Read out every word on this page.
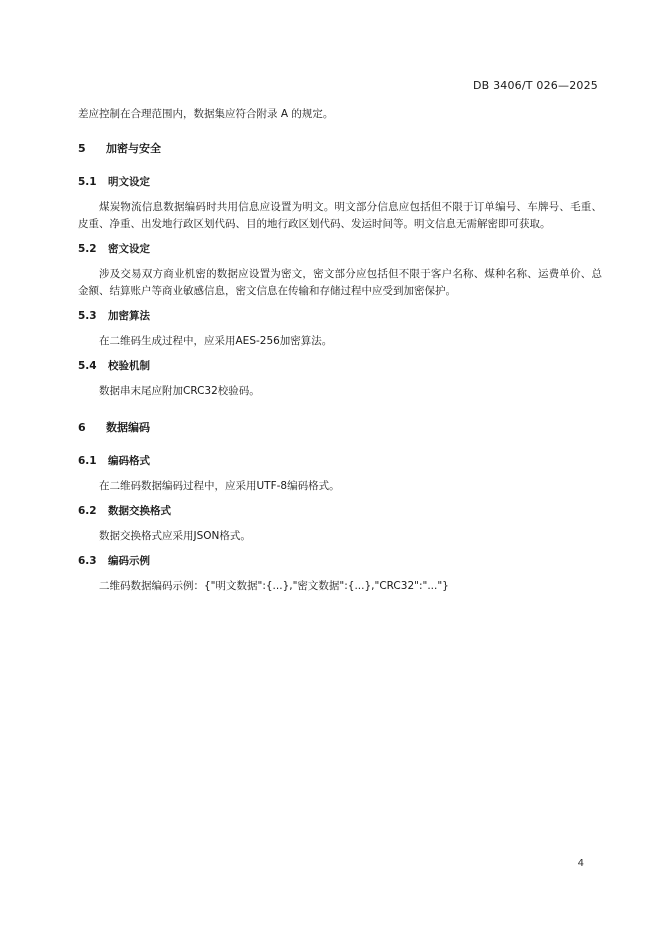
DB 3406/T 026—2025

差应控制在合理范围内，数据集应符合附录 A 的规定。

5 加密与安全
5.1 明文设定

煤炭物流信息数据编码时共用信息应设置为明文。明文部分信息应包括但不限于订单编号、车牌号、毛重、皮重、净重、出发地行政区划代码、目的地行政区划代码、发运时间等。明文信息无需解密即可获取。

5.2 密文设定

涉及交易双方商业机密的数据应设置为密文，密文部分应包括但不限于客户名称、煤种名称、运费单价、总金额、结算账户等商业敏感信息，密文信息在传输和存储过程中应受到加密保护。

5.3 加密算法

在二维码生成过程中，应采用AES-256加密算法。

5.4 校验机制

数据串末尾应附加CRC32校验码。

6 数据编码
6.1 编码格式

在二维码数据编码过程中，应采用UTF-8编码格式。

6.2 数据交换格式

数据交换格式应采用JSON格式。

6.3 编码示例

二维码数据编码示例：{"明文数据":{...},"密文数据":{...},"CRC32":"..."}

4
